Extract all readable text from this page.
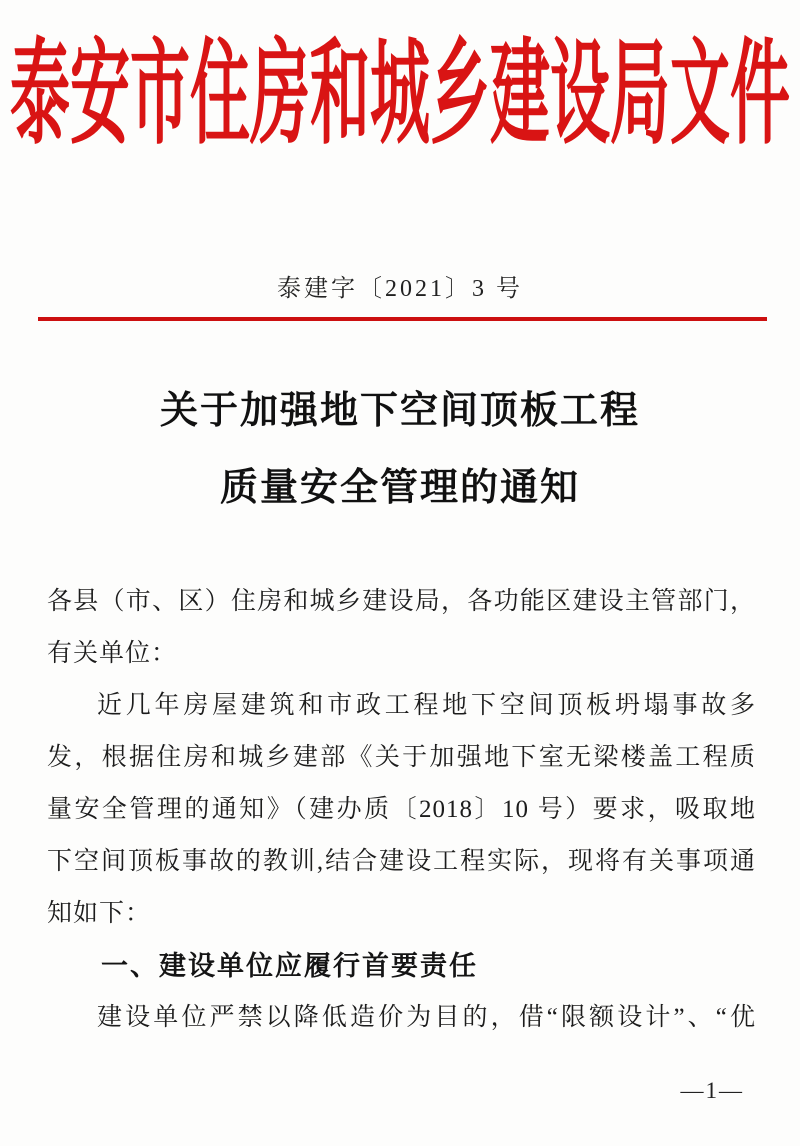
泰安市住房和城乡建设局文件
泰建字〔2021〕3 号
关于加强地下空间顶板工程
质量安全管理的通知
各县（市、区）住房和城乡建设局，各功能区建设主管部门，
有关单位：
近几年房屋建筑和市政工程地下空间顶板坍塌事故多
发，根据住房和城乡建部《关于加强地下室无梁楼盖工程质
量安全管理的通知》（建办质〔2018〕10 号）要求，吸取地
下空间顶板事故的教训,结合建设工程实际，现将有关事项通
知如下：
一、建设单位应履行首要责任
建设单位严禁以降低造价为目的，借“限额设计”、“优
—1—
